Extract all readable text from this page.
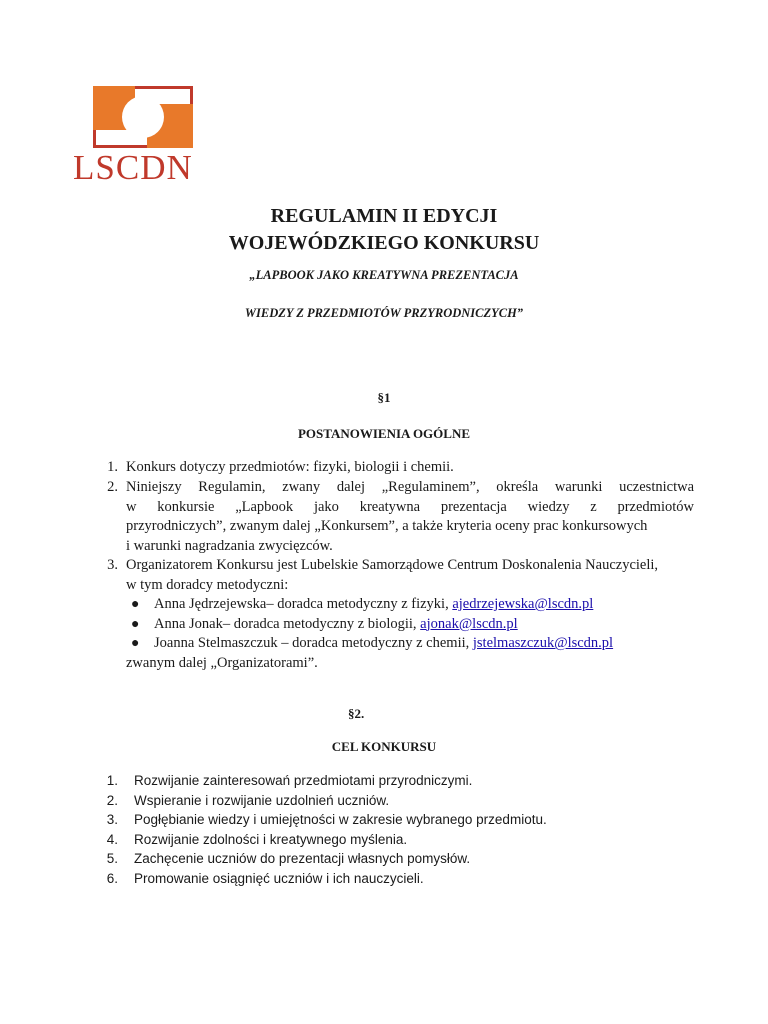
LSCDN
REGULAMIN II EDYCJI
WOJEWÓDZKIEGO KONKURSU
„LAPBOOK JAKO KREATYWNA PREZENTACJA
WIEDZY Z PRZEDMIOTÓW PRZYRODNICZYCH”
§1
POSTANOWIENIA OGÓLNE
1. Konkurs dotyczy przedmiotów: fizyki, biologii i chemii.
2. Niniejszy Regulamin, zwany dalej „Regulaminem”, określa warunki uczestnictwa
w konkursie „Lapbook jako kreatywna prezentacja wiedzy z przedmiotów
przyrodniczych”, zwanym dalej „Konkursem”, a także kryteria oceny prac konkursowych
i warunki nagradzania zwycięzców.
3. Organizatorem Konkursu jest Lubelskie Samorządowe Centrum Doskonalenia Nauczycieli,
w tym doradcy metodyczni:
● Anna Jędrzejewska– doradca metodyczny z fizyki, ajedrzejewska@lscdn.pl
● Anna Jonak– doradca metodyczny z biologii, ajonak@lscdn.pl
● Joanna Stelmaszczuk – doradca metodyczny z chemii, jstelmaszczuk@lscdn.pl
zwanym dalej „Organizatorami”.
§2.
CEL KONKURSU
1. Rozwijanie zainteresowań przedmiotami przyrodniczymi.
2. Wspieranie i rozwijanie uzdolnień uczniów.
3. Pogłębianie wiedzy i umiejętności w zakresie wybranego przedmiotu.
4. Rozwijanie zdolności i kreatywnego myślenia.
5. Zachęcenie uczniów do prezentacji własnych pomysłów.
6. Promowanie osiągnięć uczniów i ich nauczycieli.
